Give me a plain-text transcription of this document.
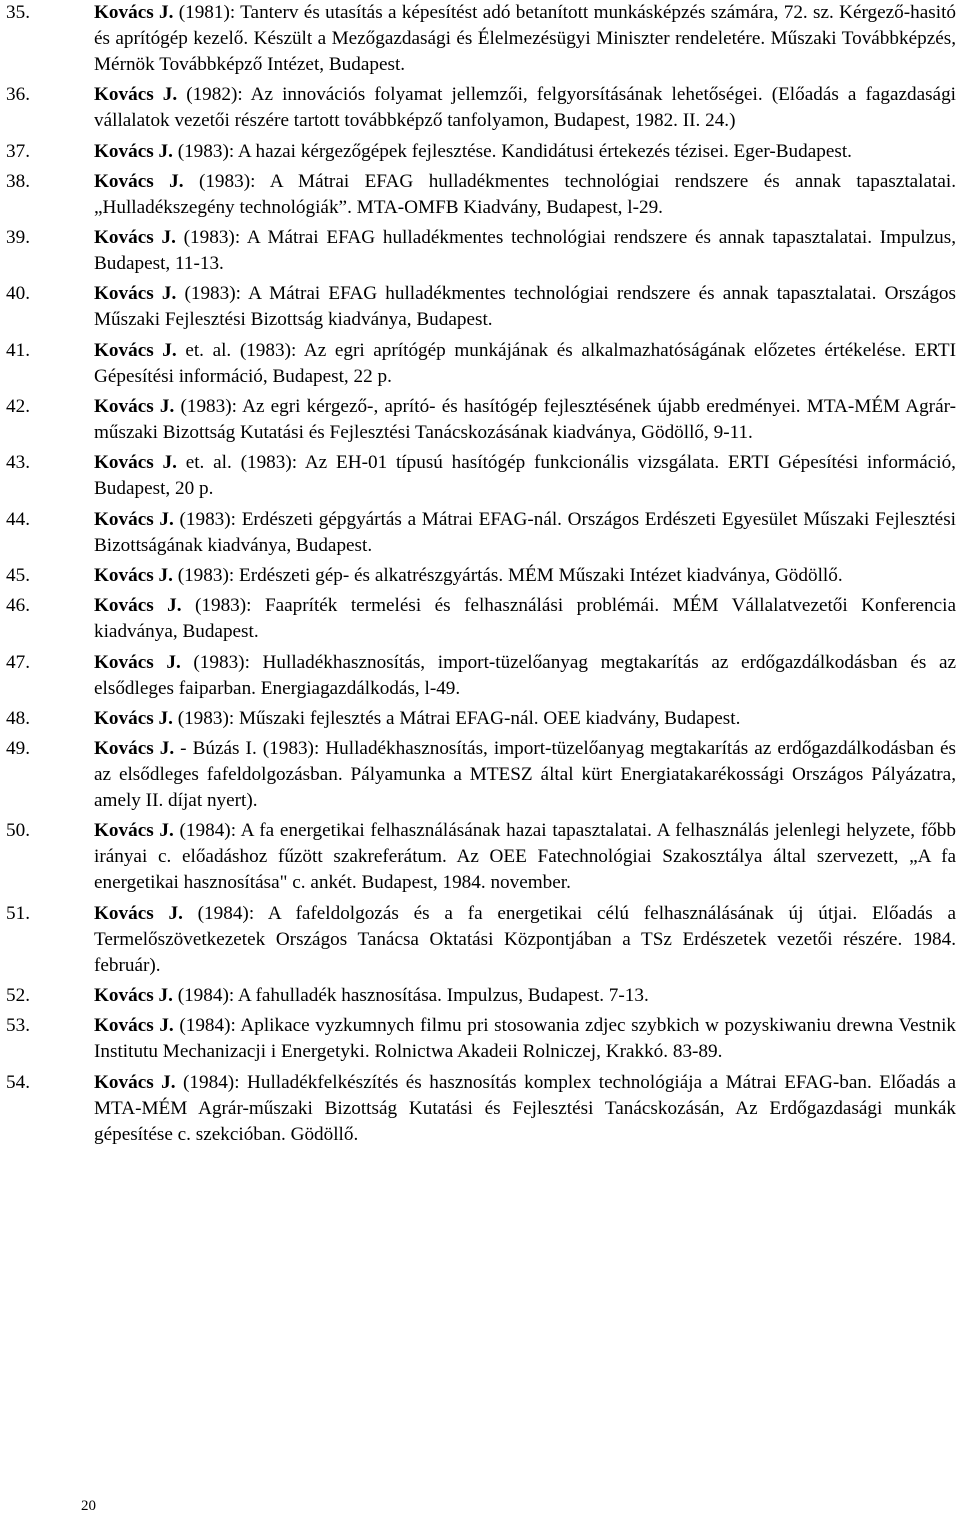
35.	Kovács J. (1981): Tanterv és utasítás a képesítést adó betanított munkásképzés számára, 72. sz. Kérgező-hasitó és aprítógép kezelő. Készült a Mezőgazdasági és Élelmezésügyi Miniszter rendeletére. Műszaki Továbbképzés, Mérnök Továbbképző Intézet, Budapest.
36.	Kovács J. (1982): Az innovációs folyamat jellemzői, felgyorsításának lehetőségei. (Előadás a fagazdasági vállalatok vezetői részére tartott továbbképző tanfolyamon, Budapest, 1982. II. 24.)
37.	Kovács J. (1983): A hazai kérgezőgépek fejlesztése. Kandidátusi értekezés tézisei. Eger-Budapest.
38.	Kovács J. (1983): A Mátrai EFAG hulladékmentes technológiai rendszere és annak tapasztalatai. „Hulladékszegény technológiák”. MTA-OMFB Kiadvány, Budapest, l-29.
39.	Kovács J. (1983): A Mátrai EFAG hulladékmentes technológiai rendszere és annak tapasztalatai. Impulzus, Budapest, 11-13.
40.	Kovács J. (1983): A Mátrai EFAG hulladékmentes technológiai rendszere és annak tapasztalatai. Országos Műszaki Fejlesztési Bizottság kiadványa, Budapest.
41.	Kovács J. et. al. (1983): Az egri aprítógép munkájának és alkalmazhatóságának előzetes értékelése. ERTI Gépesítési információ, Budapest, 22 p.
42.	Kovács J. (1983): Az egri kérgező-, aprító- és hasítógép fejlesztésének újabb eredményei. MTA-MÉM Agrár-műszaki Bizottság Kutatási és Fejlesztési Tanácskozásának kiadványa, Gödöllő, 9-11.
43.	Kovács J. et. al. (1983): Az EH-01 típusú hasítógép funkcionális vizsgálata. ERTI Gépesítési információ, Budapest, 20 p.
44.	Kovács J. (1983): Erdészeti gépgyártás a Mátrai EFAG-nál. Országos Erdészeti Egyesület Műszaki Fejlesztési Bizottságának kiadványa, Budapest.
45.	Kovács J. (1983): Erdészeti gép- és alkatrészgyártás. MÉM Műszaki Intézet kiadványa, Gödöllő.
46.	Kovács J. (1983): Faapríték termelési és felhasználási problémái. MÉM Vállalatvezetői Konferencia kiadványa, Budapest.
47.	Kovács J. (1983): Hulladékhasznosítás, import-tüzelőanyag megtakarítás az erdőgazdálkodásban és az elsődleges faiparban. Energiagazdálkodás, l-49.
48.	Kovács J. (1983): Műszaki fejlesztés a Mátrai EFAG-nál. OEE kiadvány, Budapest.
49.	Kovács J. - Búzás I. (1983): Hulladékhasznosítás, import-tüzelőanyag megtakarítás az erdőgazdálkodásban és az elsődleges fafeldolgozásban. Pályamunka a MTESZ által kürt Energiatakarékossági Országos Pályázatra, amely II. díjat nyert).
50.	Kovács J. (1984): A fa energetikai felhasználásának hazai tapasztalatai. A felhasználás jelenlegi helyzete, főbb irányai c. előadáshoz fűzött szakreferátum. Az OEE Fatechnológiai Szakosztálya által szervezett, „A fa energetikai hasznosítása" c. ankét. Budapest, 1984. november.
51.	Kovács J. (1984): A fafeldolgozás és a fa energetikai célú felhasználásának új útjai. Előadás a Termelőszövetkezetek Országos Tanácsa Oktatási Központjában a TSz Erdészetek vezetői részére. 1984. február).
52.	Kovács J. (1984): A fahulladék hasznosítása. Impulzus, Budapest. 7-13.
53.	Kovács J. (1984): Aplikace vyzkumnych filmu pri stosowania zdjec szybkich w pozyskiwaniu drewna Vestnik Institutu Mechanizacji i Energetyki. Rolnictwa Akadeii Rolniczej, Krakkó. 83-89.
54.	Kovács J. (1984): Hulladékfelkészítés és hasznosítás komplex technológiája a Mátrai EFAG-ban. Előadás a MTA-MÉM Agrár-műszaki Bizottság Kutatási és Fejlesztési Tanácskozásán, Az Erdőgazdasági munkák gépesítése c. szekcióban. Gödöllő.
20
